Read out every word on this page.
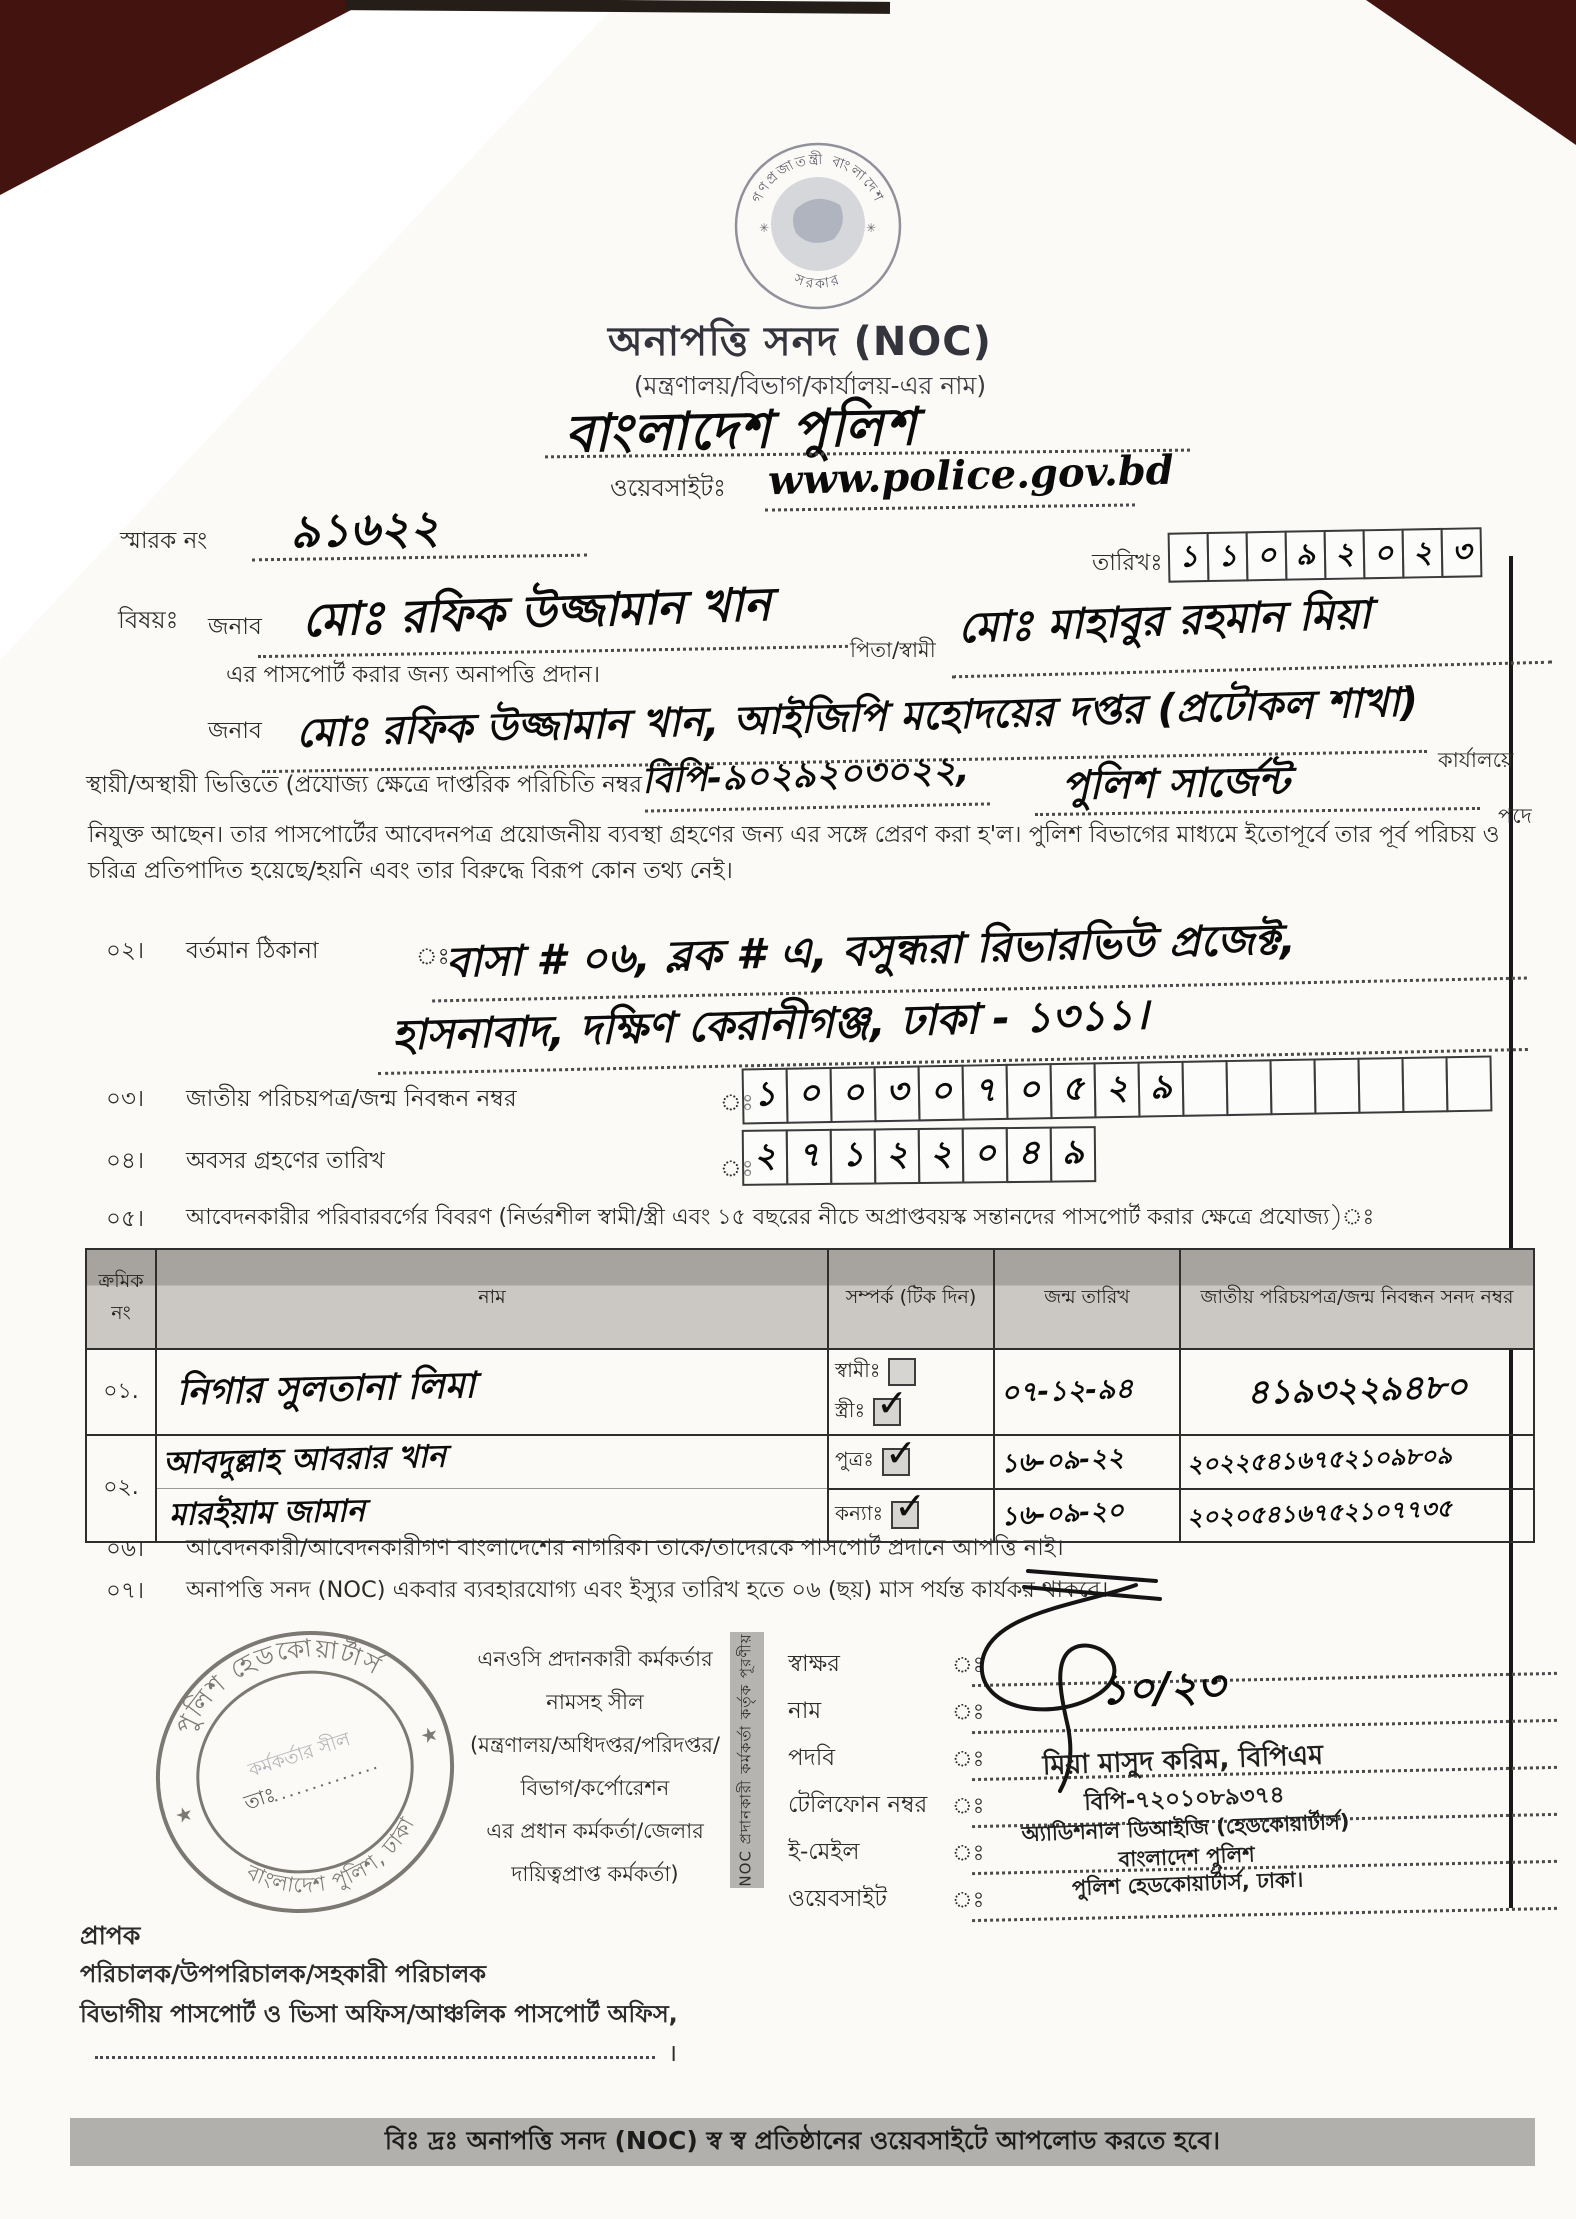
গণপ্রজাতন্ত্রী বাংলাদেশ
সরকার
✳	✳
অনাপত্তি সনদ (NOC)
(মন্ত্রণালয়/বিভাগ/কার্যালয়-এর নাম)
বাংলাদেশ পুলিশ
ওয়েবসাইটঃ www.police.gov.bd
স্মারক নং ৯১৬২২
তারিখঃ ১ ১ ০ ৯ ২ ০ ২ ৩
বিষয়ঃ জনাব মোঃ রফিক উজ্জামান খান
পিতা/স্বামী মোঃ মাহাবুর রহমান মিয়া
এর পাসপোর্ট করার জন্য অনাপত্তি প্রদান।
জনাব মোঃ রফিক উজ্জামান খান, আইজিপি মহোদয়ের দপ্তর (প্রটোকল শাখা)
কার্যালয়ে
স্থায়ী/অস্থায়ী ভিত্তিতে (প্রযোজ্য ক্ষেত্রে দাপ্তরিক পরিচিতি নম্বর বিপি-৯০২৯২০৩০২২, পুলিশ সার্জেন্ট
পদে
নিযুক্ত আছেন। তার পাসপোর্টের আবেদনপত্র প্রয়োজনীয় ব্যবস্থা গ্রহণের জন্য এর সঙ্গে প্রেরণ করা হ'ল। পুলিশ বিভাগের মাধ্যমে ইতোপূর্বে তার পূর্ব পরিচয় ও চরিত্র প্রতিপাদিত হয়েছে/হয়নি এবং তার বিরুদ্ধে বিরূপ কোন তথ্য নেই।
০২। বর্তমান ঠিকানা	ঃ
বাসা # ০৬, ব্লক # এ, বসুন্ধরা রিভারভিউ প্রজেক্ট,
হাসনাবাদ, দক্ষিণ কেরানীগঞ্জ, ঢাকা - ১৩১১।
০৩। জাতীয় পরিচয়পত্র/জন্ম নিবন্ধন নম্বর	ঃ ১ ০ ০ ৩ ০ ৭ ০ ৫ ২ ৯
০৪। অবসর গ্রহণের তারিখ	ঃ ২ ৭ ১ ২ ২ ০ ৪ ৯
০৫। আবেদনকারীর পরিবারবর্গের বিবরণ (নির্ভরশীল স্বামী/স্ত্রী এবং ১৫ বছরের নীচে অপ্রাপ্তবয়স্ক সন্তানদের পাসপোর্ট করার ক্ষেত্রে প্রযোজ্য)ঃ
ক্রমিক নং	নাম	সম্পর্ক (টিক দিন)	জন্ম তারিখ	জাতীয় পরিচয়পত্র/জন্ম নিবন্ধন সনদ নম্বর
০১.	নিগার সুলতানা লিমা	স্বামীঃ
স্ত্রীঃ ✓	০৭-১২-৯৪	৪১৯৩২২৯৪৮০
০২.	আবদুল্লাহ আবরার খান	পুত্রঃ ✓	১৬-০৯-২২	২০২২৫৪১৬৭৫২১০৯৮০৯
	মারইয়াম জামান	কন্যাঃ ✓	১৬-০৯-২০	২০২০৫৪১৬৭৫২১০৭৭৩৫
০৬। আবেদনকারী/আবেদনকারীগণ বাংলাদেশের নাগরিক। তাকে/তাদেরকে পাসপোর্ট প্রদানে আপত্তি নাই।
০৭। অনাপত্তি সনদ (NOC) একবার ব্যবহারযোগ্য এবং ইস্যুর তারিখ হতে ০৬ (ছয়) মাস পর্যন্ত কার্যকর থাকবে।
পুলিশ হেডকোয়ার্টার্স
বাংলাদেশ পুলিশ, ঢাকা
★
★
কর্মকর্তার সীল
তাঃ
এনওসি প্রদানকারী কর্মকর্তার
নামসহ সীল
(মন্ত্রণালয়/অধিদপ্তর/পরিদপ্তর/
বিভাগ/কর্পোরেশন
এর প্রধান কর্মকর্তা/জেলার
দায়িত্বপ্রাপ্ত কর্মকর্তা)	NOC প্রদানকারী কর্মকর্তা কর্তৃক পূরণীয় স্বাক্ষর
নাম
পদবি
টেলিফোন নম্বর
ই-মেইল
ওয়েবসাইট
ঃ
ঃ
ঃ
ঃ
ঃ
ঃ
১০/২৩
মিয়া মাসুদ করিম, বিপিএম
বিপি-৭২০১০৮৯৩৭৪
অ্যাডিশনাল ডিআইজি (হেডকোয়ার্টার্স)
বাংলাদেশ পুলিশ
পুলিশ হেডকোয়ার্টার্স, ঢাকা।
প্রাপক
পরিচালক/উপপরিচালক/সহকারী পরিচালক
বিভাগীয় পাসপোর্ট ও ভিসা অফিস/আঞ্চলিক পাসপোর্ট অফিস,
।
বিঃ দ্রঃ অনাপত্তি সনদ (NOC) স্ব স্ব প্রতিষ্ঠানের ওয়েবসাইটে আপলোড করতে হবে।
